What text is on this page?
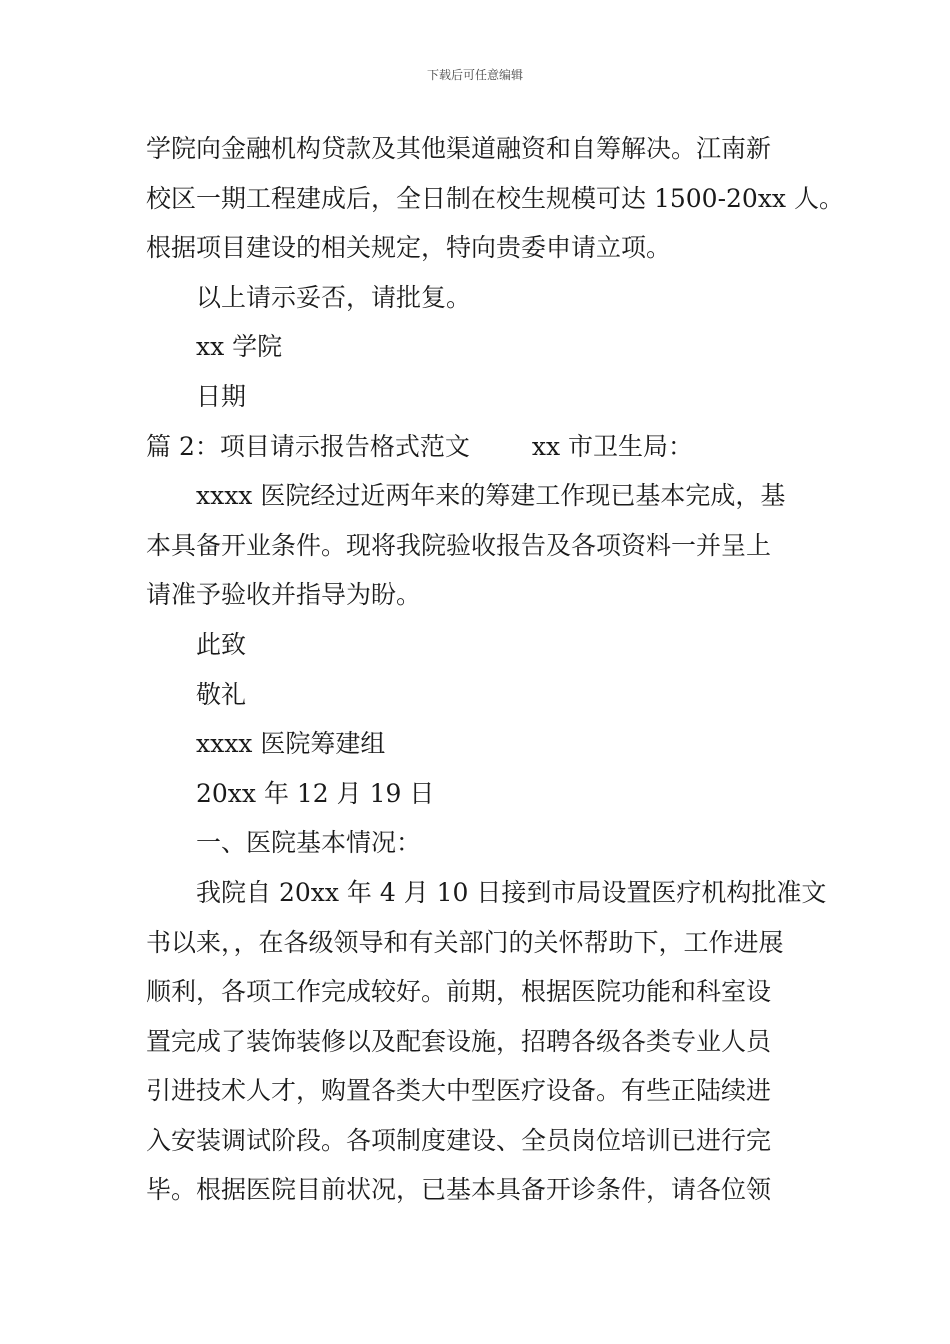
下载后可任意编辑
学院向金融机构贷款及其他渠道融资和自筹解决。江南新
校区一期工程建成后，全日制在校生规模可达 1500-20xx 人。
根据项目建设的相关规定，特向贵委申请立项。
以上请示妥否，请批复。
xx 学院
日期
篇 2：项目请示报告格式范文 xx 市卫生局：
xxxx 医院经过近两年来的筹建工作现已基本完成，基
本具备开业条件。现将我院验收报告及各项资料一并呈上
请准予验收并指导为盼。
此致
敬礼
xxxx 医院筹建组
20xx 年 12 月 19 日
一、医院基本情况：
我院自 20xx 年 4 月 10 日接到市局设置医疗机构批准文
书以来，，在各级领导和有关部门的关怀帮助下，工作进展
顺利，各项工作完成较好。前期，根据医院功能和科室设
置完成了装饰装修以及配套设施，招聘各级各类专业人员
引进技术人才，购置各类大中型医疗设备。有些正陆续进
入安装调试阶段。各项制度建设、全员岗位培训已进行完
毕。根据医院目前状况，已基本具备开诊条件，请各位领
